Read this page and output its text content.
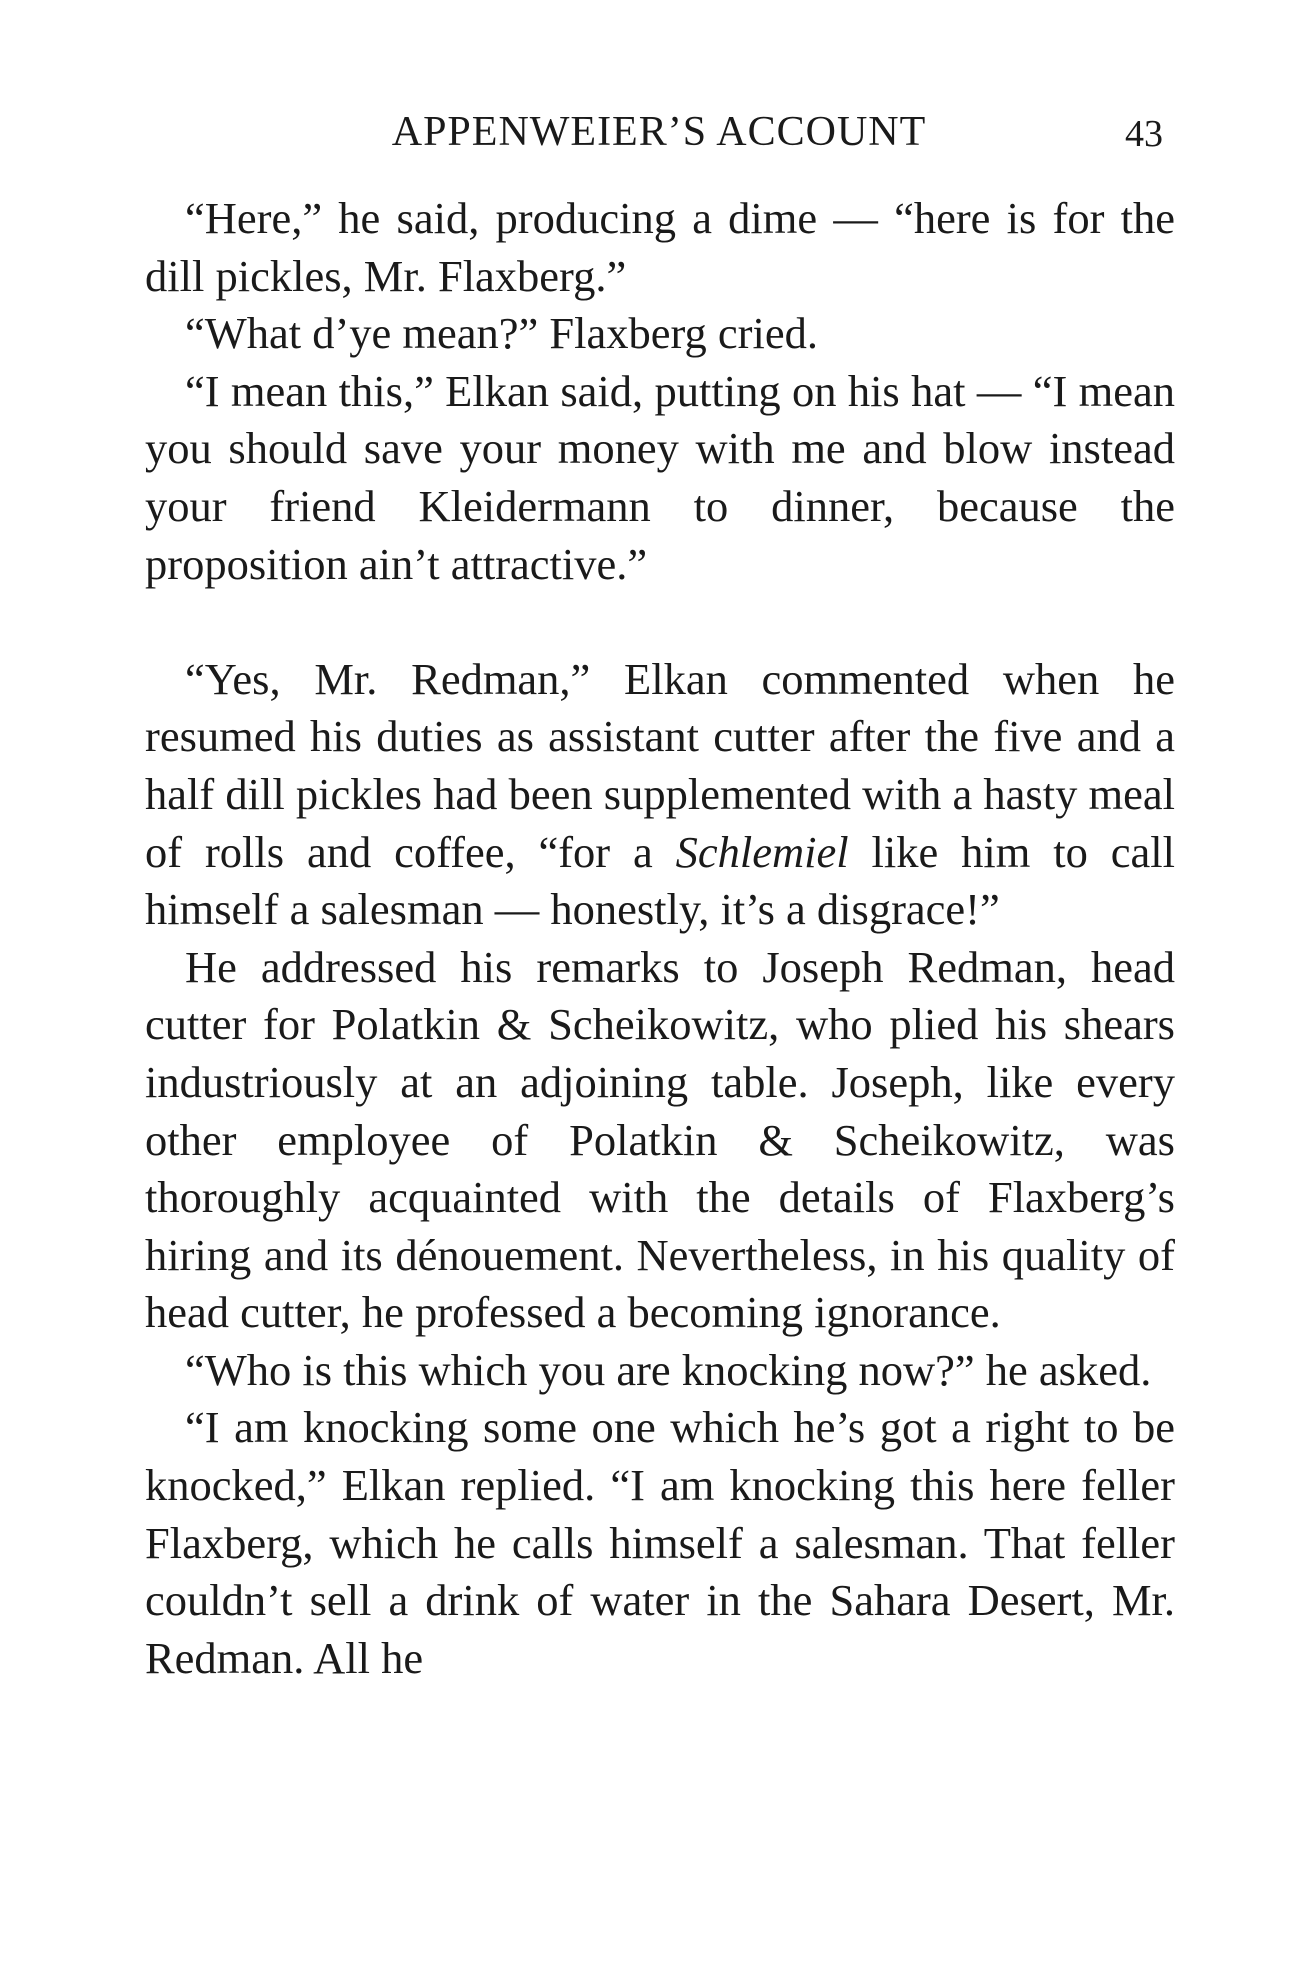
APPENWEIER’S ACCOUNT	43

“Here,” he said, producing a dime — “here is for the dill pickles, Mr. Flaxberg.”

“What d’ye mean?” Flaxberg cried.

“I mean this,” Elkan said, putting on his hat — “I mean you should save your money with me and blow instead your friend Kleidermann to dinner, because the proposition ain’t attractive.”

“Yes, Mr. Redman,” Elkan commented when he resumed his duties as assistant cutter after the five and a half dill pickles had been supplemented with a hasty meal of rolls and coffee, “for a Schlemiel like him to call himself a salesman — honestly, it’s a disgrace!”

He addressed his remarks to Joseph Redman, head cutter for Polatkin & Scheikowitz, who plied his shears industriously at an adjoining table. Joseph, like every other employee of Polatkin & Scheikowitz, was thoroughly acquainted with the details of Flaxberg’s hiring and its dénouement. Nevertheless, in his quality of head cutter, he professed a becoming ignorance.

“Who is this which you are knocking now?” he asked.

“I am knocking some one which he’s got a right to be knocked,” Elkan replied. “I am knocking this here feller Flaxberg, which he calls himself a salesman. That feller couldn’t sell a drink of water in the Sahara Desert, Mr. Redman. All he
